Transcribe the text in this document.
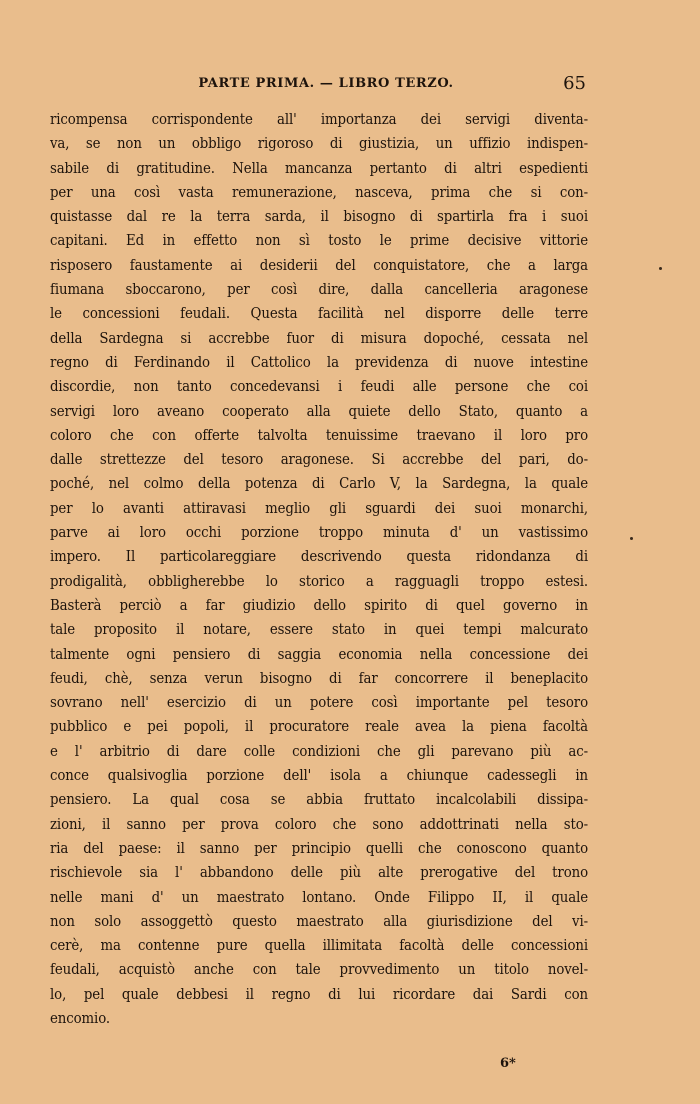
PARTE PRIMA. — LIBRO TERZO.	65
ricompensa corrispondente all' importanza dei servigi diventa-
va, se non un obbligo rigoroso di giustizia, un uffizio indispen-
sabile di gratitudine. Nella mancanza pertanto di altri espedienti
per una così vasta remunerazione, nasceva, prima che si con-
quistasse dal re la terra sarda, il bisogno di spartirla fra i suoi
capitani. Ed in effetto non sì tosto le prime decisive vittorie
risposero faustamente ai desiderii del conquistatore, che a larga
fiumana sboccarono, per così dire, dalla cancelleria aragonese
le concessioni feudali. Questa facilità nel disporre delle terre
della Sardegna si accrebbe fuor di misura dopoché, cessata nel
regno di Ferdinando il Cattolico la previdenza di nuove intestine
discordie, non tanto concedevansi i feudi alle persone che coi
servigi loro aveano cooperato alla quiete dello Stato, quanto a
coloro che con offerte talvolta tenuissime traevano il loro pro
dalle strettezze del tesoro aragonese. Si accrebbe del pari, do-
poché, nel colmo della potenza di Carlo V, la Sardegna, la quale
per lo avanti attiravasi meglio gli sguardi dei suoi monarchi,
parve ai loro occhi porzione troppo minuta d' un vastissimo
impero. Il particolareggiare descrivendo questa ridondanza di
prodigalità, obbligherebbe lo storico a ragguagli troppo estesi.
Basterà perciò a far giudizio dello spirito di quel governo in
tale proposito il notare, essere stato in quei tempi malcurato
talmente ogni pensiero di saggia economia nella concessione dei
feudi, chè, senza verun bisogno di far concorrere il beneplacito
sovrano nell' esercizio di un potere così importante pel tesoro
pubblico e pei popoli, il procuratore reale avea la piena facoltà
e l' arbitrio di dare colle condizioni che gli parevano più ac-
conce qualsivoglia porzione dell' isola a chiunque cadessegli in
pensiero. La qual cosa se abbia fruttato incalcolabili dissipa-
zioni, il sanno per prova coloro che sono addottrinati nella sto-
ria del paese: il sanno per principio quelli che conoscono quanto
rischievole sia l' abbandono delle più alte prerogative del trono
nelle mani d' un maestrato lontano. Onde Filippo II, il quale
non solo assoggettò questo maestrato alla giurisdizione del vi-
cerè, ma contenne pure quella illimitata facoltà delle concessioni
feudali, acquistò anche con tale provvedimento un titolo novel-
lo, pel quale debbesi il regno di lui ricordare dai Sardi con
encomio.
6*
